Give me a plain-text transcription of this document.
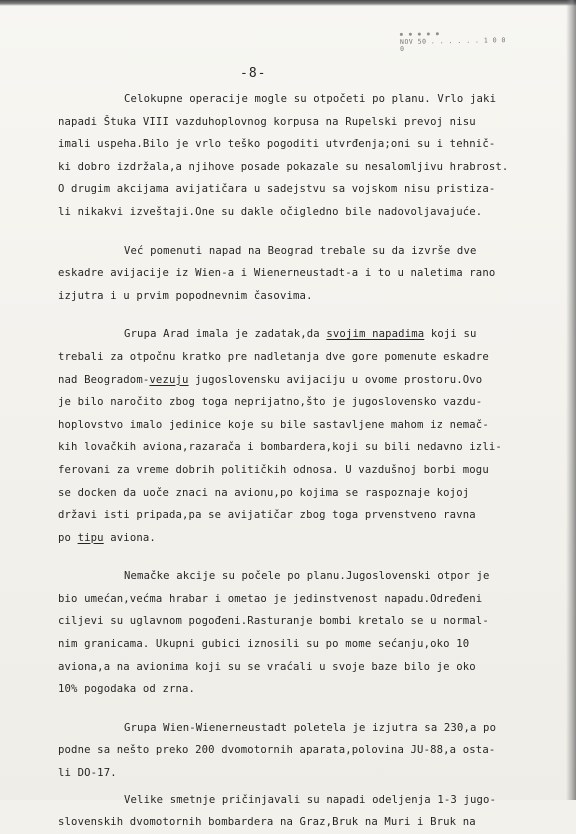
NOV 50 . . . . . . 1 0 0 0
-8-
Celokupne operacije mogle su otpočeti po planu. Vrlo jaki
napadi Štuka VIII vazduhoplovnog korpusa na Rupelski prevoj nisu
imali uspeha.Bilo je vrlo teško pogoditi utvrđenja;oni su i tehnič-
ki dobro izdržala,a njihove posade pokazale su nesalomljivu hrabrost.
O drugim akcijama avijatičara u sadejstvu sa vojskom nisu pristiza-
li nikakvi izveštaji.One su dakle očigledno bile nadovoljavajuće.
Već pomenuti napad na Beograd trebale su da izvrše dve
eskadre avijacije iz Wien-a i Wienerneustadt-a i to u naletima rano
izjutra i u prvim popodnevnim časovima.
Grupa Arad imala je zadatak,da svojim napadima koji su
trebali za otpočnu kratko pre nadletanja dve gore pomenute eskadre
nad Beogradom-vezuju jugoslovensku avijaciju u ovome prostoru.Ovo
je bilo naročito zbog toga neprijatno,što je jugoslovensko vazdu-
hoplovstvo imalo jedinice koje su bile sastavljene mahom iz nemač-
kih lovačkih aviona,razarača i bombardera,koji su bili nedavno izli-
ferovani za vreme dobrih političkih odnosa. U vazdušnoj borbi mogu
se docken da uoče znaci na avionu,po kojima se raspoznaje kojoj
državi isti pripada,pa se avijatičar zbog toga prvenstveno ravna
po tipu aviona.
Nemačke akcije su počele po planu.Jugoslovenski otpor je
bio umećan,većma hrabar i ometao je jedinstvenost napadu.Određeni
ciljevi su uglavnom pogođeni.Rasturanje bombi kretalo se u normal-
nim granicama. Ukupni gubici iznosili su po mome sećanju,oko 10
aviona,a na avionima koji su se vraćali u svoje baze bilo je oko
10% pogodaka od zrna.
Grupa Wien-Wienerneustadt poletela je izjutra sa 230,a po
podne sa nešto preko 200 dvomotornih aparata,polovina JU-88,a osta-
li DO-17.
Velike smetnje pričinjavali su napadi odeljenja 1-3 jugo-
slovenskih dvomotornih bombardera na Graz,Bruk na Muri i Bruk na
